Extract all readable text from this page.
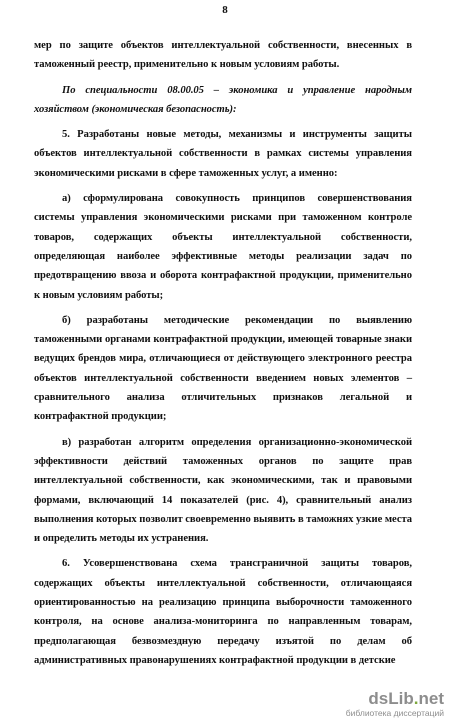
8

мер по защите объектов интеллектуальной собственности, внесенных в таможенный реестр, применительно к новым условиям работы.

По специальности 08.00.05 – экономика и управление народным хозяйством (экономическая безопасность):

5. Разработаны новые методы, механизмы и инструменты защиты объектов интеллектуальной собственности в рамках системы управления экономическими рисками в сфере таможенных услуг, а именно:

а) сформулирована совокупность принципов совершенствования системы управления экономическими рисками при таможенном контроле товаров, содержащих объекты интеллектуальной собственности, определяющая наиболее эффективные методы реализации задач по предотвращению ввоза и оборота контрафактной продукции, применительно к новым условиям работы;

б) разработаны методические рекомендации по выявлению таможенными органами контрафактной продукции, имеющей товарные знаки ведущих брендов мира, отличающиеся от действующего электронного реестра объектов интеллектуальной собственности введением новых элементов – сравнительного анализа отличительных признаков легальной и контрафактной продукции;

в) разработан алгоритм определения организационно-экономической эффективности действий таможенных органов по защите прав интеллектуальной собственности, как экономическими, так и правовыми формами, включающий 14 показателей (рис. 4), сравнительный анализ выполнения которых позволит своевременно выявить в таможнях узкие места и определить методы их устранения.

6. Усовершенствована схема трансграничной защиты товаров, содержащих объекты интеллектуальной собственности, отличающаяся ориентированностью на реализацию принципа выборочности таможенного контроля, на основе анализа-мониторинга по направленным товарам, предполагающая безвозмездную передачу изъятой по делам об административных правонарушениях контрафактной продукции в детские

dsLib.net
библиотека диссертаций
